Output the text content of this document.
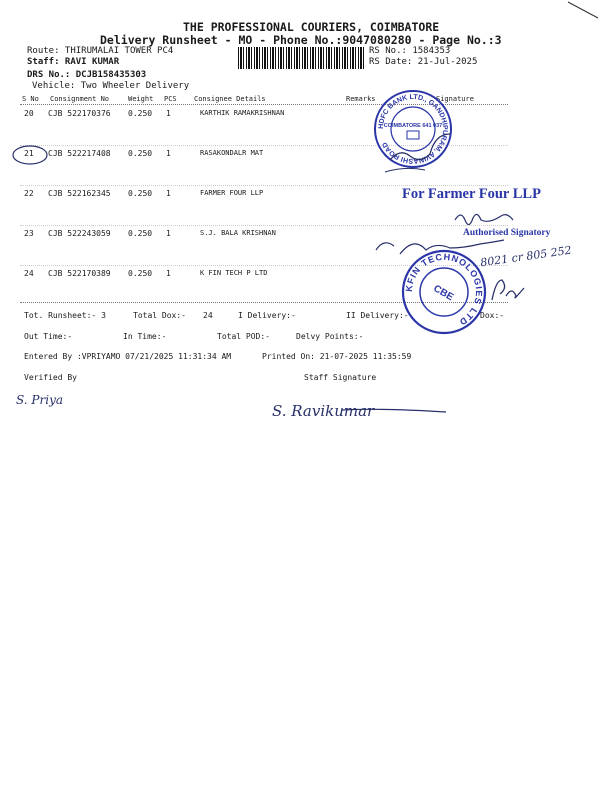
THE PROFESSIONAL COURIERS, COIMBATORE
Delivery Runsheet - MO - Phone No.:9047080280 - Page No.:3
Route: THIRUMALAI TOWER PC4
Staff: RAVI KUMAR
DRS No.: DCJB158435303
Vehicle: Two Wheeler Delivery
RS No.: 1584353
RS Date: 21-Jul-2025
S No Consignment No	Weight PCS Consignee Details	Remarks	Signature
20 CJB 522170376 0.250 1	KARTHIK RAMAKRISHNAN
21 CJB 522217408 0.250 1	RASAKONDALR MAT
22 CJB 522162345 0.250 1	FARMER FOUR LLP
23 CJB 522243059 0.250 1	S.J. BALA KRISHNAN
24 CJB 522170389 0.250 1	K FIN TECH P LTD
Tot. Runsheet:- 3	Total Dox:- 24	I Delivery:-	II Delivery:-	Dox:-
Out Time:-	In Time:-	Total POD:-	Delvy Points:-
Entered By :VPRIYAMO 07/21/2025 11:31:34 AM	Printed On: 21-07-2025 11:35:59
Verified By	Staff Signature
HDFC BANK LTD., GANDHIPURAM, AVINASHI ROAD
COIMBATORE 641 037
For Farmer Four LLP
Authorised Signatory
KFIN TECHNOLOGIES LTD
CBE
8021 cr 805 252
S. Priya
S. Ravikumar
